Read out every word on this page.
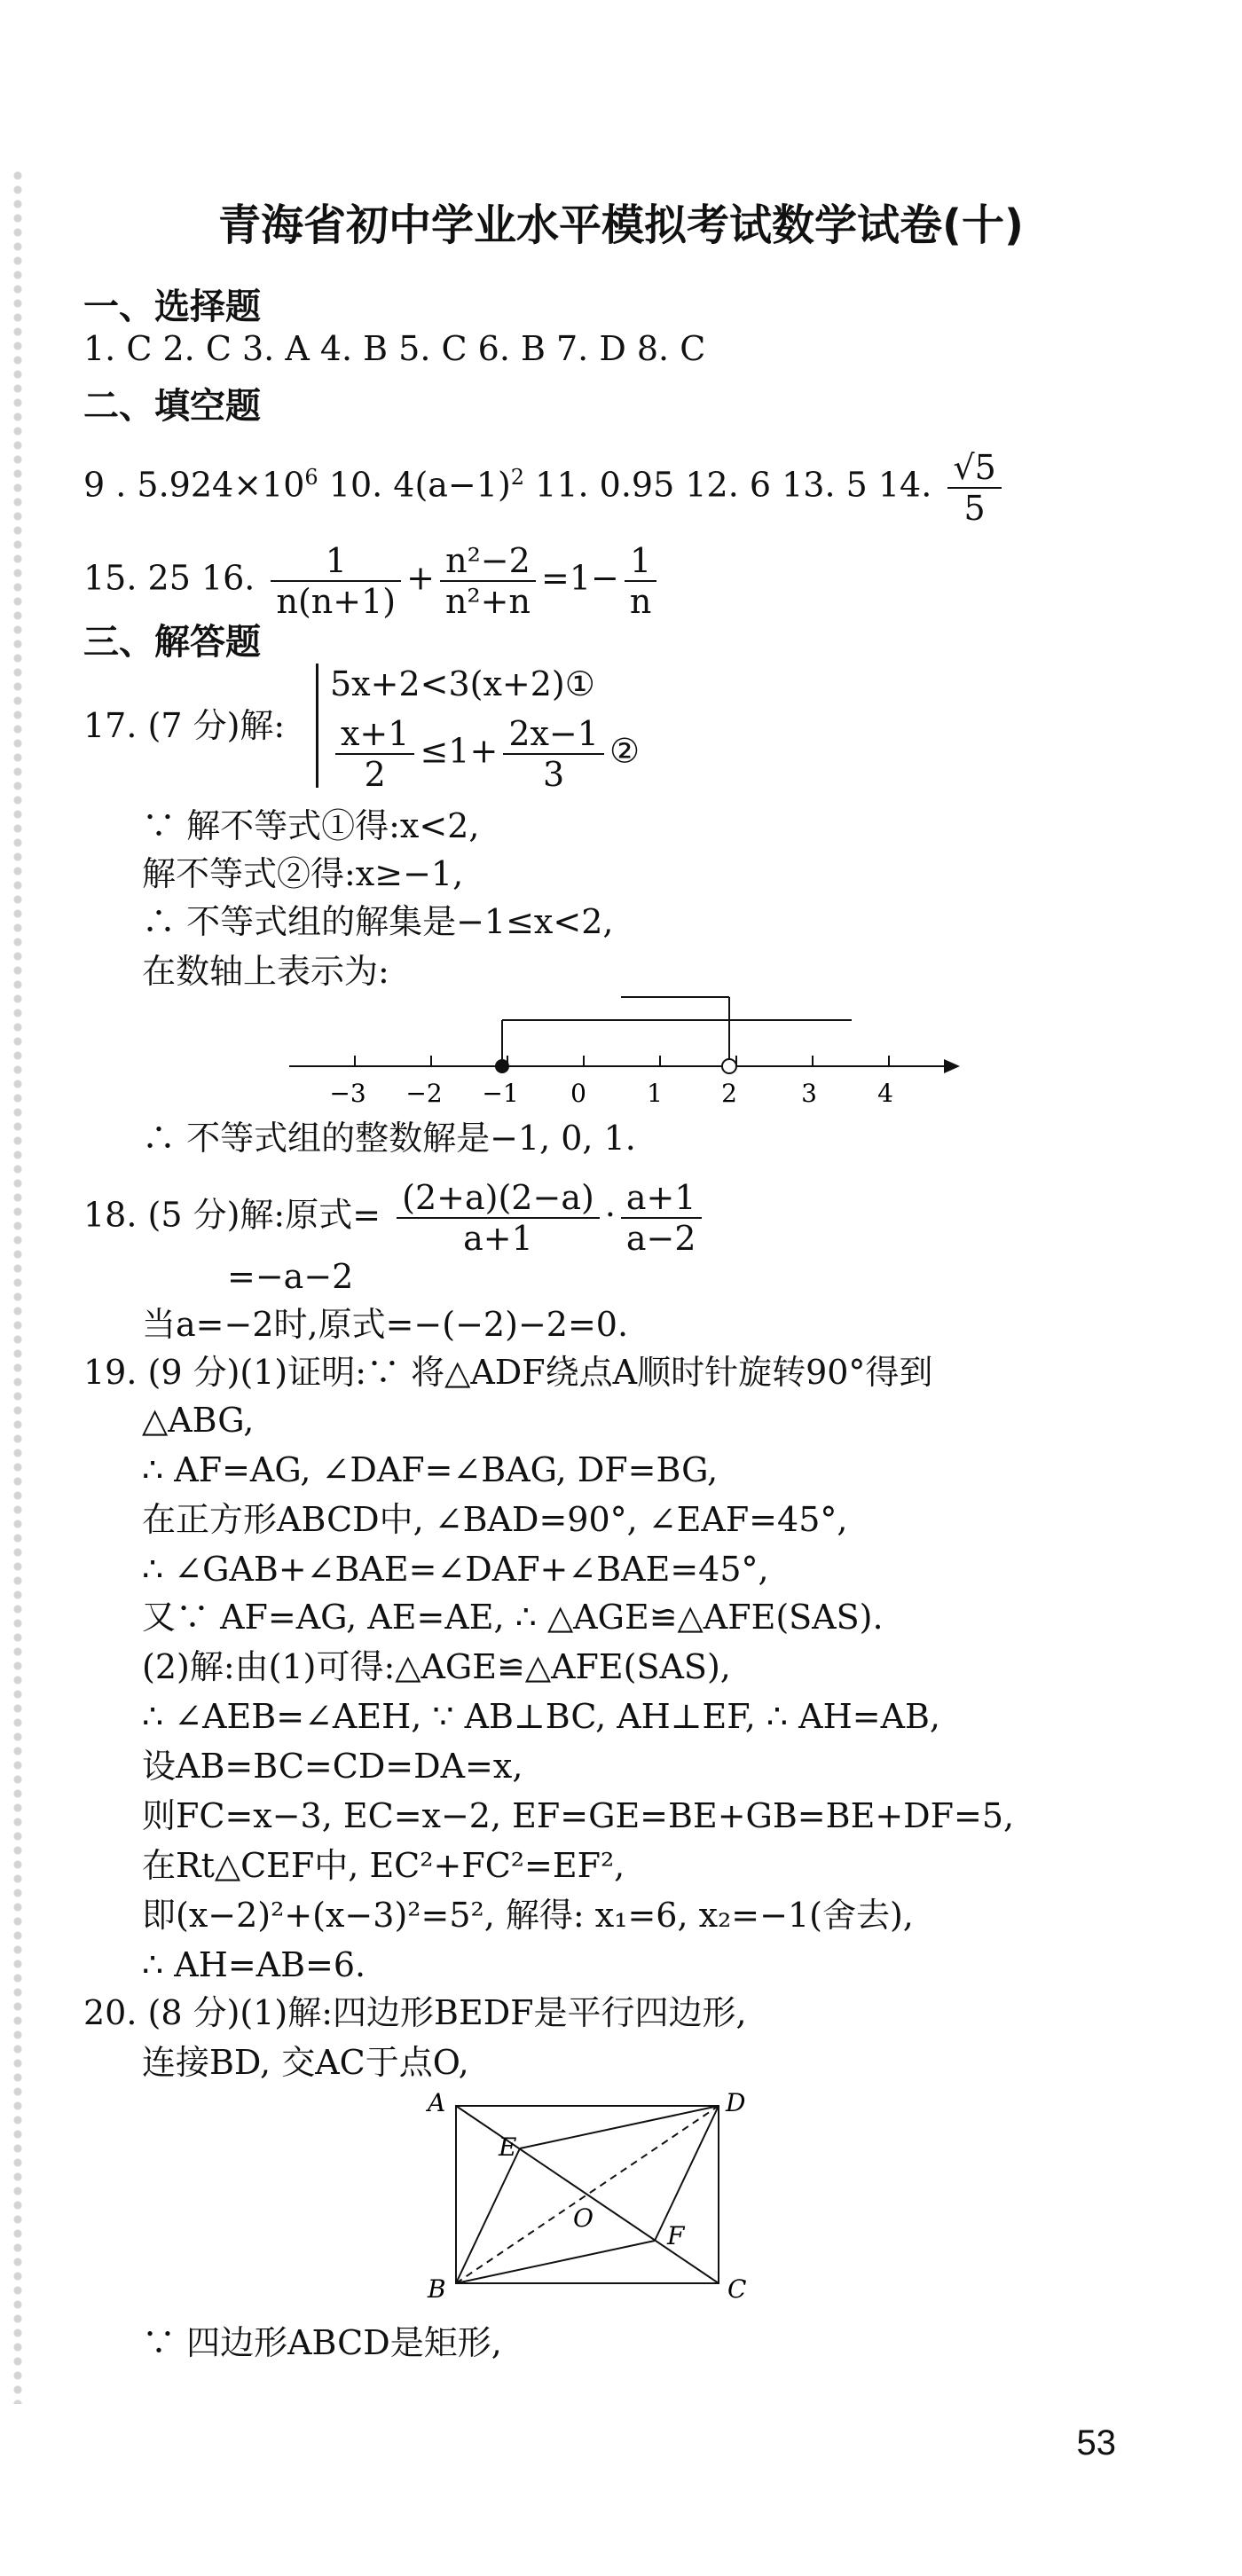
青海省初中学业水平模拟考试数学试卷(十)
一、选择题
1. C 2. C 3. A 4. B 5. C 6. B 7. D 8. C
二、填空题
9 . $5.924\times 10^6$ 10. $4(a-1)^2$ 11. 0.95 12. 6 13. 5 14. $\frac{√5}{5}$
15. 25 16. $\frac{1}{n(n+1)} + \frac{\text{n²−2}}{\text{n²+n}} =1- \frac{1}{n}$
三、解答题
17. (7 分)解:
5x+2<3(x+2)①
$\frac{x+1}{2} \le 1+ \frac{2x-1}{3}$ ②
∵ 解不等式①得:x<2,
解不等式②得:x≥−1,
∴ 不等式组的解集是−1≤x<2,
在数轴上表示为:
−3 −2 −1 0 1 2	3 4
∴ 不等式组的整数解是−1, 0, 1.
18. (5 分)解:原式= $\frac{(2+a)(2-a)}{a+1} \cdot \frac{a+1}{a-2}$
=−a−2
当a=−2时,原式=−(−2)−2=0.
19. (9 分)(1)证明:∵ 将△ADF绕点A顺时针旋转90°得到
△ABG,
∴ AF=AG, ∠DAF=∠BAG, DF=BG,
在正方形ABCD中, ∠BAD=90°, ∠EAF=45°,
∴ ∠GAB+∠BAE=∠DAF+∠BAE=45°,
又∵ AF=AG, AE=AE, ∴ △AGE≌△AFE(SAS).
(2)解:由(1)可得:△AGE≌△AFE(SAS),
∴ ∠AEB=∠AEH, ∵ AB⊥BC, AH⊥EF, ∴ AH=AB,
设AB=BC=CD=DA=x,
则FC=x−3, EC=x−2, EF=GE=BE+GB=BE+DF=5,
在Rt△CEF中, EC²+FC²=EF²,
即(x−2)²+(x−3)²=5², 解得: x₁=6, x₂=−1(舍去),
∴ AH=AB=6.
20. (8 分)(1)解:四边形BEDF是平行四边形,
连接BD, 交AC于点O,
A	D
B	C
E
O
F
∵ 四边形ABCD是矩形,
53
